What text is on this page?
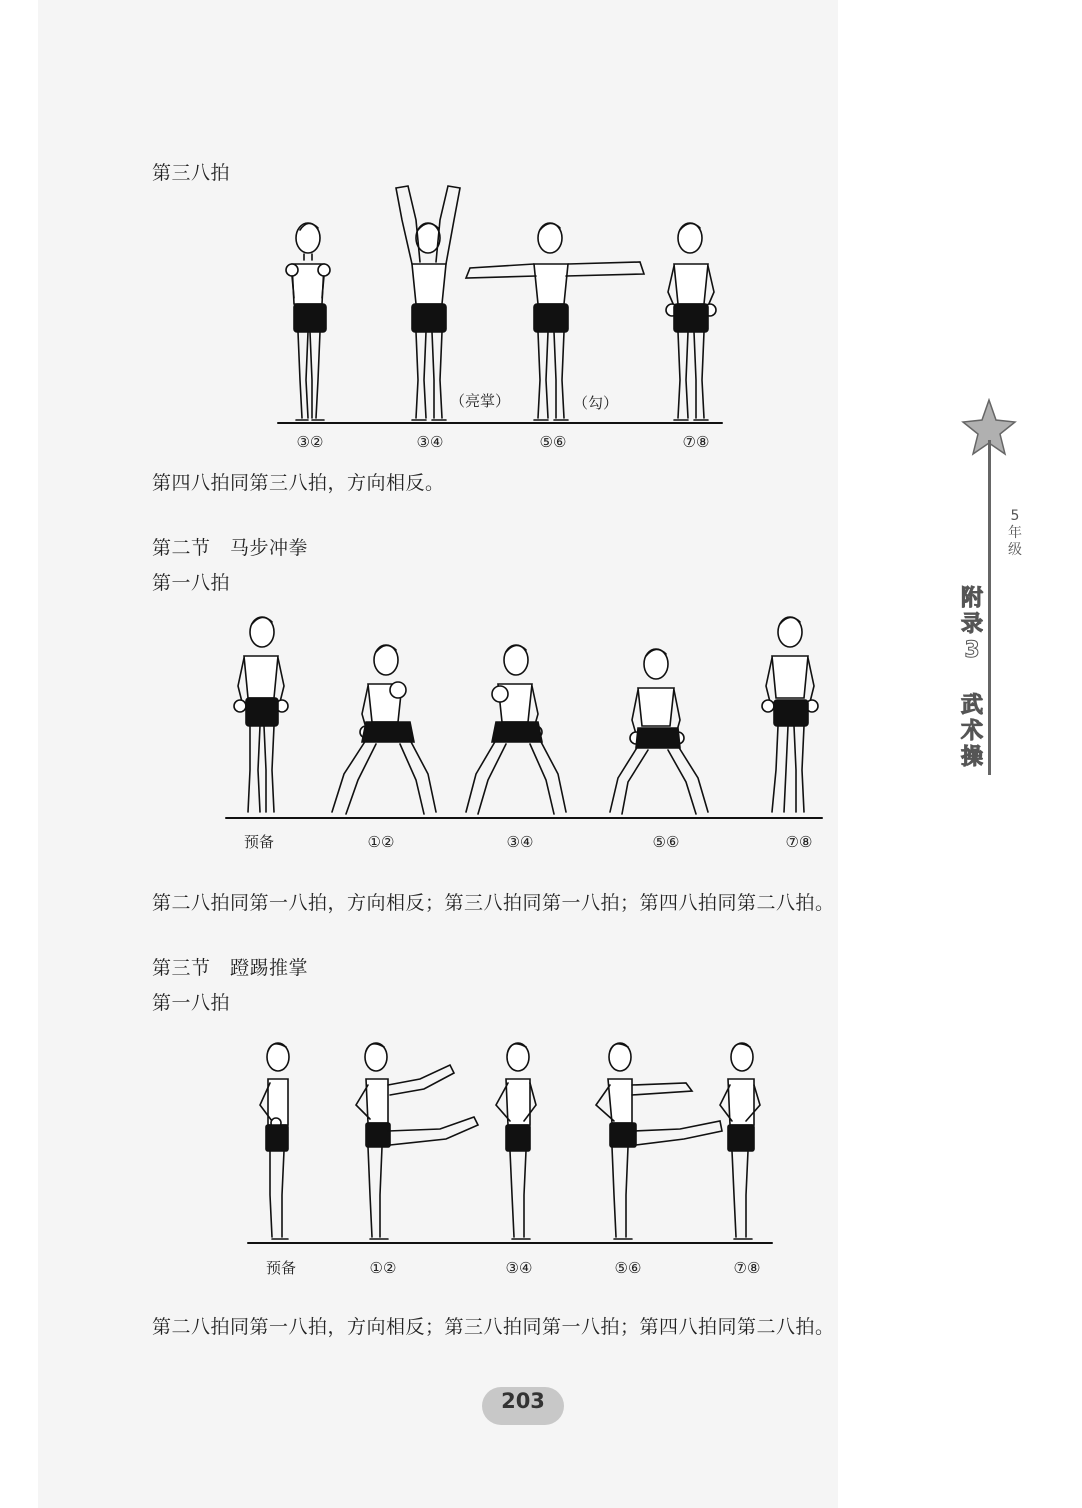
第三八拍
（亮掌）	（勾）
③②	③④	⑤⑥	⑦⑧
第四八拍同第三八拍，方向相反。
第二节　马步冲拳
第一八拍
预备	①②	③④	⑤⑥	⑦⑧
第二八拍同第一八拍，方向相反；第三八拍同第一八拍；第四八拍同第二八拍。
第三节　蹬踢推掌
第一八拍
预备	①②	③④	⑤⑥	⑦⑧
第二八拍同第一八拍，方向相反；第三八拍同第一八拍；第四八拍同第二八拍。
203
5
年
级
附
录
3
武
术
操
